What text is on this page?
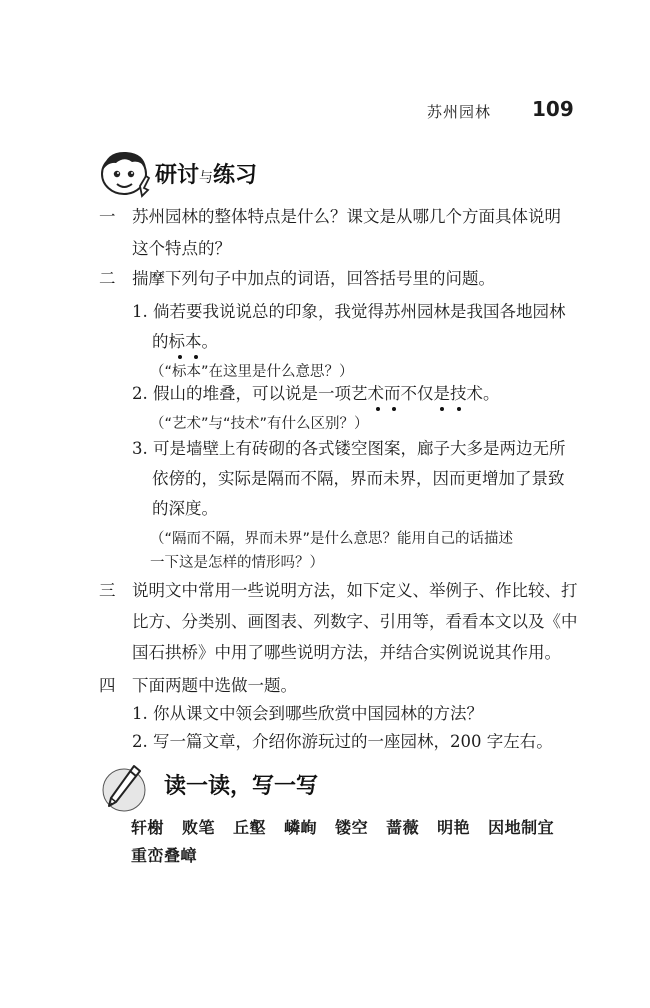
苏州园林 109
研讨与练习
一 苏州园林的整体特点是什么？课文是从哪几个方面具体说明
这个特点的？
二 揣摩下列句子中加点的词语，回答括号里的问题。
1. 倘若要我说说总的印象，我觉得苏州园林是我国各地园林
的标本。
（“标本”在这里是什么意思？）
2. 假山的堆叠，可以说是一项艺术而不仅是技术。
（“艺术”与“技术”有什么区别？）
3. 可是墙壁上有砖砌的各式镂空图案，廊子大多是两边无所
依傍的，实际是隔而不隔，界而未界，因而更增加了景致
的深度。
（“隔而不隔，界而未界”是什么意思？能用自己的话描述
一下这是怎样的情形吗？）
三 说明文中常用一些说明方法，如下定义、举例子、作比较、打
比方、分类别、画图表、列数字、引用等，看看本文以及《中
国石拱桥》中用了哪些说明方法，并结合实例说说其作用。
四 下面两题中选做一题。
1. 你从课文中领会到哪些欣赏中国园林的方法？
2. 写一篇文章，介绍你游玩过的一座园林，200 字左右。
读一读，写一写
轩榭 败笔 丘壑 嶙峋 镂空 蔷薇 明艳 因地制宜
重峦叠嶂
